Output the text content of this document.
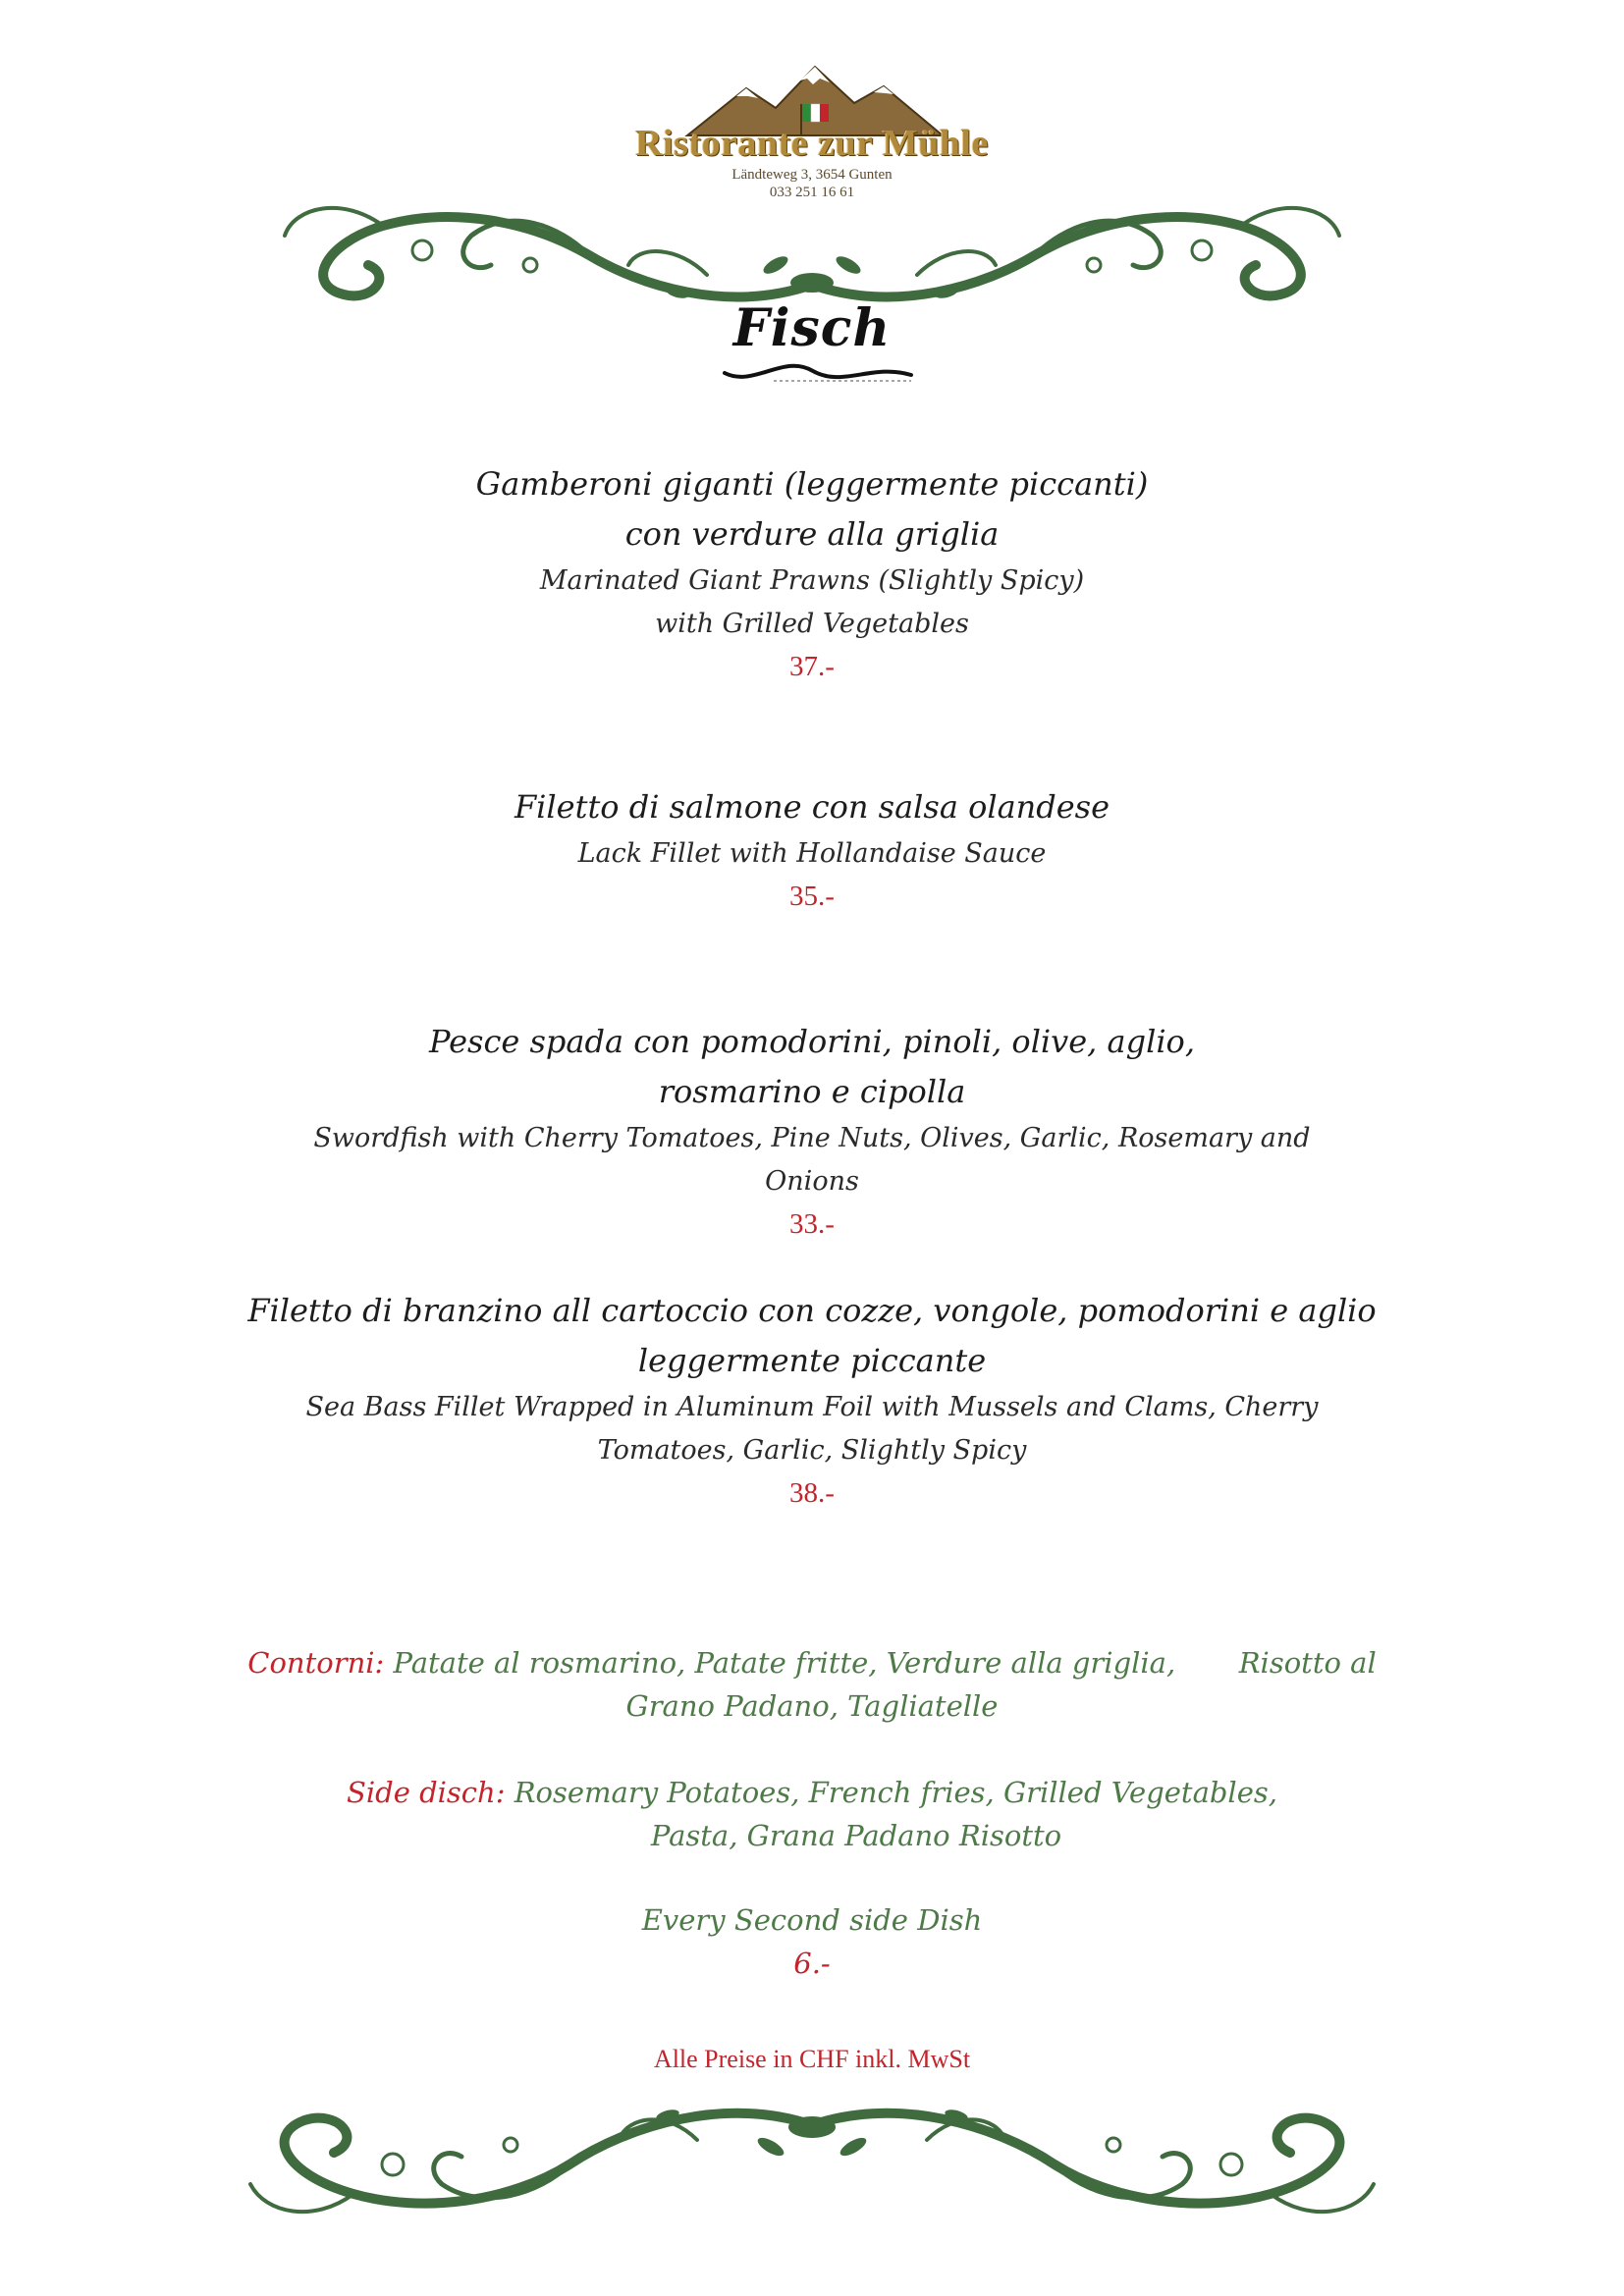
Ristorante zur Mühle
Ländteweg 3, 3654 Gunten
033 251 16 61
Fisch
Gamberoni giganti (leggermente piccanti)
con verdure alla griglia
Marinated Giant Prawns (Slightly Spicy)
with Grilled Vegetables
37.-
Filetto di salmone con salsa olandese
Lack Fillet with Hollandaise Sauce
35.-
Pesce spada con pomodorini, pinoli, olive, aglio,
rosmarino e cipolla
Swordfish with Cherry Tomatoes, Pine Nuts, Olives, Garlic, Rosemary and
Onions
33.-
Filetto di branzino all cartoccio con cozze, vongole, pomodorini e aglio
leggermente piccante
Sea Bass Fillet Wrapped in Aluminum Foil with Mussels and Clams, Cherry
Tomatoes, Garlic, Slightly Spicy
38.-
Contorni: Patate al rosmarino, Patate fritte, Verdure alla griglia,       Risotto al
Grano Padano, Tagliatelle
Side disch: Rosemary Potatoes, French fries, Grilled Vegetables,
Pasta, Grana Padano Risotto
Every Second side Dish
6.-
Alle Preise in CHF inkl. MwSt
